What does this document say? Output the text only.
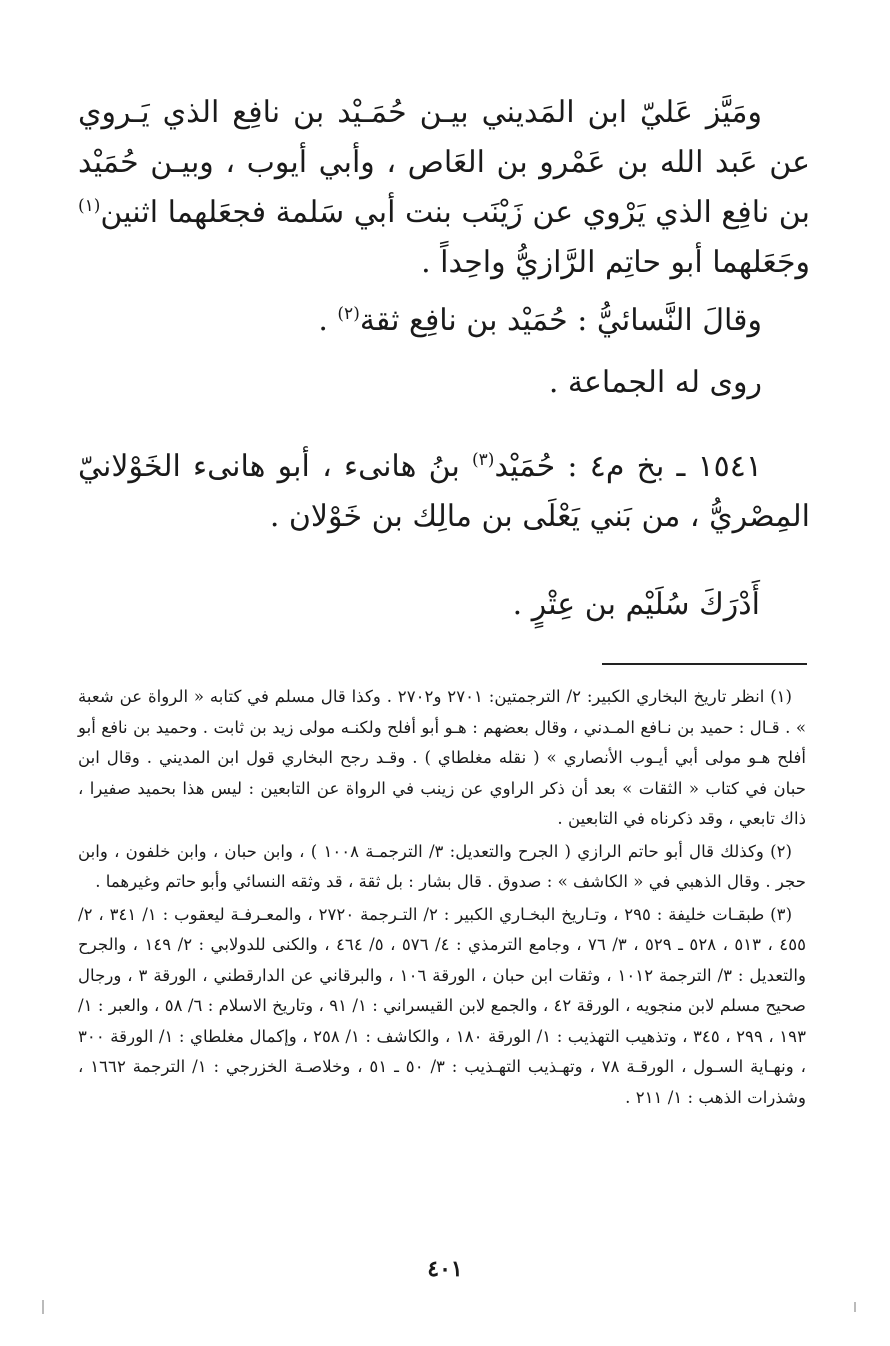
ومَيَّز عَليّ ابن المَديني بيـن حُمَـيْد بن نافِع الذي يَـروي عن عَبد الله بن عَمْرو بن العَاص ، وأبي أيوب ، وبيـن حُمَيْد بن نافِع الذي يَرْوي عن زَيْنَب بنت أبي سَلمة فجعَلهما اثنين$^{(١)}$ وجَعَلهما أبو حاتِم الرَّازيُّ واحِداً .

وقالَ النَّسائيُّ : حُمَيْد بن نافِع ثقة$^{(٢)}$ .

روى له الجماعة .

١٥٤١ ـ بخ م٤ : حُمَيْد$^{(٣)}$ بنُ هانىء ، أبو هانىء الخَوْلانيّ المِصْريُّ ، من بَني يَعْلَى بن مالِك بن خَوْلان .

أَدْرَكَ سُلَيْم بن عِتْرٍ .

(١) انظر تاريخ البخاري الكبير: ٢/ الترجمتين: ٢٧٠١ و٢٧٠٢ . وكذا قال مسلم في كتابه « الرواة عن شعبة » . قـال : حميد بن نـافع المـدني ، وقال بعضهم : هـو أبو أفلح ولكنـه مولى زيد بن ثابت . وحميد بن نافع أبو أفلح هـو مولى أبي أيـوب الأنصاري » ( نقله مغلطاي ) . وقـد رجح البخاري قول ابن المديني . وقال ابن حبان في كتاب « الثقات » بعد أن ذكر الراوي عن زينب في الرواة عن التابعين : ليس هذا بحميد صفيرا ، ذاك تابعي ، وقد ذكرناه في التابعين .

(٢) وكذلك قال أبو حاتم الرازي ( الجرح والتعديل: ٣/ الترجمـة ١٠٠٨ ) ، وابن حبان ، وابن خلفون ، وابن حجر . وقال الذهبي في « الكاشف » : صدوق . قال بشار : بل ثقة ، قد وثقه النسائي وأبو حاتم وغيرهما .

(٣) طبقـات خليفة : ٢٩٥ ، وتـاريخ البخـاري الكبير : ٢/ التـرجمة ٢٧٢٠ ، والمعـرفـة ليعقوب : ١/ ٣٤١ ، ٢/ ٤٥٥ ، ٥١٣ ، ٥٢٨ ـ ٥٢٩ ، ٣/ ٧٦ ، وجامع الترمذي : ٤/ ٥٧٦ ، ٥/ ٤٦٤ ، والكنى للدولابي : ٢/ ١٤٩ ، والجرح والتعديل : ٣/ الترجمة ١٠١٢ ، وثقات ابن حبان ، الورقة ١٠٦ ، والبرقاني عن الدارقطني ، الورقة ٣ ، ورجال صحيح مسلم لابن منجويه ، الورقة ٤٢ ، والجمع لابن القيسراني : ١/ ٩١ ، وتاريخ الاسلام : ٦/ ٥٨ ، والعبر : ١/ ١٩٣ ، ٢٩٩ ، ٣٤٥ ، وتذهيب التهذيب : ١/ الورقة ١٨٠ ، والكاشف : ١/ ٢٥٨ ، وإكمال مغلطاي : ١/ الورقة ٣٠٠ ، ونهـاية السـول ، الورقـة ٧٨ ، وتهـذيب التهـذيب : ٣/ ٥٠ ـ ٥١ ، وخلاصـة الخزرجي : ١/ الترجمة ١٦٦٢ ، وشذرات الذهب : ١/ ٢١١ .

٤٠١
